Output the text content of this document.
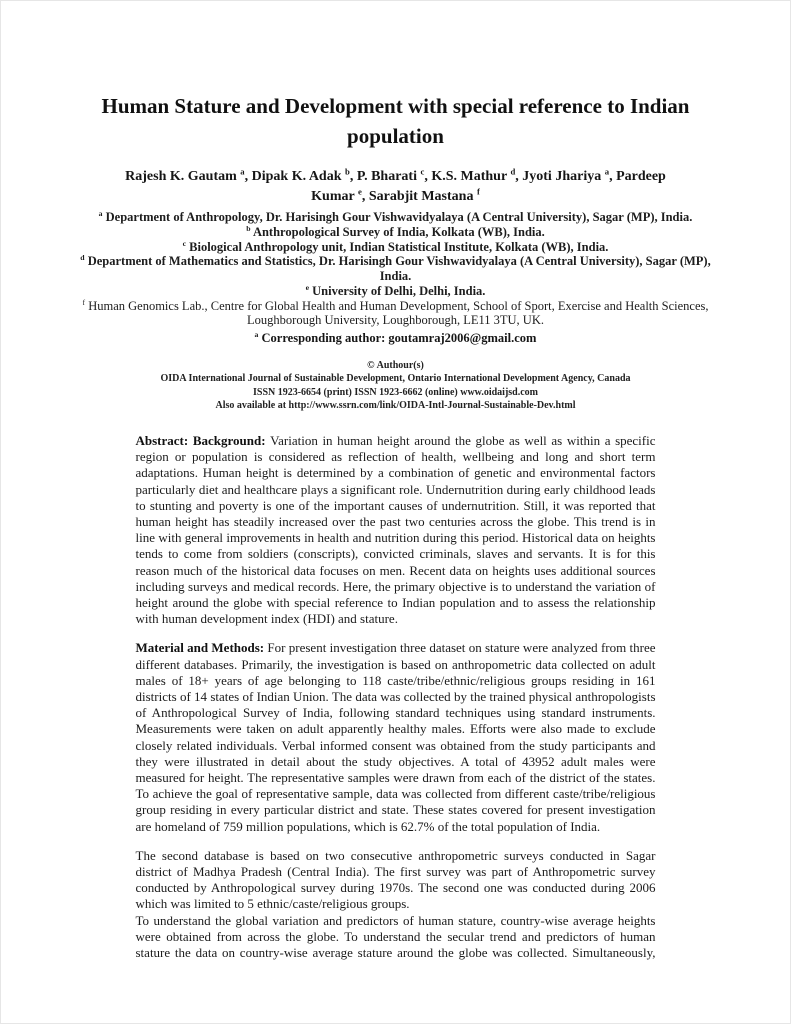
Human Stature and Development with special reference to Indian population
Rajesh K. Gautam $^a$, Dipak K. Adak $^b$, P. Bharati $^c$, K.S. Mathur $^d$, Jyoti Jhariya $^a$, Pardeep Kumar $^e$, Sarabjit Mastana $^f$
$^a$ Department of Anthropology, Dr. Harisingh Gour Vishwavidyalaya (A Central University), Sagar (MP), India.
$^b$ Anthropological Survey of India, Kolkata (WB), India.
$^c$ Biological Anthropology unit, Indian Statistical Institute, Kolkata (WB), India.
$^d$ Department of Mathematics and Statistics, Dr. Harisingh Gour Vishwavidyalaya (A Central University), Sagar (MP), India.
$^e$ University of Delhi, Delhi, India.
$^f$ Human Genomics Lab., Centre for Global Health and Human Development, School of Sport, Exercise and Health Sciences, Loughborough University, Loughborough, LE11 3TU, UK.
$^a$ Corresponding author: goutamraj2006@gmail.com
© Authour(s)
OIDA International Journal of Sustainable Development, Ontario International Development Agency, Canada
ISSN 1923-6654 (print) ISSN 1923-6662 (online) www.oidaijsd.com
Also available at http://www.ssrn.com/link/OIDA-Intl-Journal-Sustainable-Dev.html

Abstract: Background: Variation in human height around the globe as well as within a specific region or population is considered as reflection of health, wellbeing and long and short term adaptations. Human height is determined by a combination of genetic and environmental factors particularly diet and healthcare plays a significant role. Undernutrition during early childhood leads to stunting and poverty is one of the important causes of undernutrition. Still, it was reported that human height has steadily increased over the past two centuries across the globe. This trend is in line with general improvements in health and nutrition during this period. Historical data on heights tends to come from soldiers (conscripts), convicted criminals, slaves and servants. It is for this reason much of the historical data focuses on men. Recent data on heights uses additional sources including surveys and medical records. Here, the primary objective is to understand the variation of height around the globe with special reference to Indian population and to assess the relationship with human development index (HDI) and stature.

Material and Methods: For present investigation three dataset on stature were analyzed from three different databases. Primarily, the investigation is based on anthropometric data collected on adult males of 18+ years of age belonging to 118 caste/tribe/ethnic/religious groups residing in 161 districts of 14 states of Indian Union. The data was collected by the trained physical anthropologists of Anthropological Survey of India, following standard techniques using standard instruments. Measurements were taken on adult apparently healthy males. Efforts were also made to exclude closely related individuals. Verbal informed consent was obtained from the study participants and they were illustrated in detail about the study objectives. A total of 43952 adult males were measured for height. The representative samples were drawn from each of the district of the states. To achieve the goal of representative sample, data was collected from different caste/tribe/religious group residing in every particular district and state. These states covered for present investigation are homeland of 759 million populations, which is 62.7% of the total population of India.

The second database is based on two consecutive anthropometric surveys conducted in Sagar district of Madhya Pradesh (Central India). The first survey was part of Anthropometric survey conducted by Anthropological survey during 1970s. The second one was conducted during 2006 which was limited to 5 ethnic/caste/religious groups.

To understand the global variation and predictors of human stature, country-wise average heights were obtained from across the globe. To understand the secular trend and predictors of human stature the data on country-wise average stature around the globe was collected. Simultaneously,
